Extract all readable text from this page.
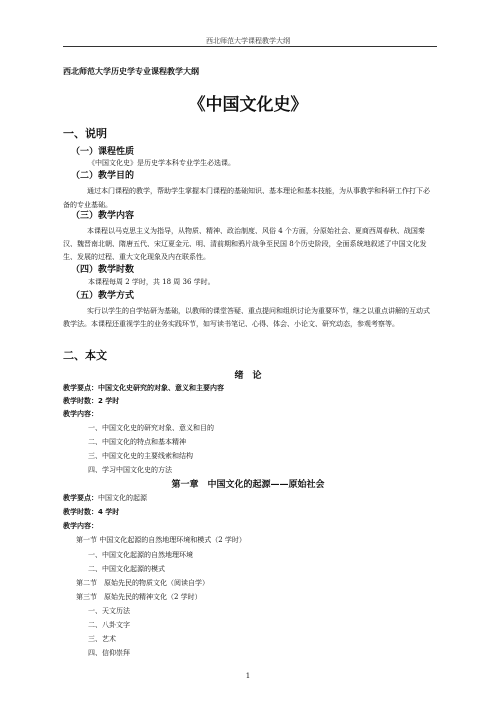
西北师范大学课程教学大纲
西北师范大学历史学专业课程教学大纲
《中国文化史》
一、说明
（一）课程性质
《中国文化史》是历史学本科专业学生必选课。
（二）教学目的
通过本门课程的教学，帮助学生掌握本门课程的基础知识、基本理论和基本技能，为从事教学和科研工作打下必备的专业基础。
（三）教学内容
本课程以马克思主义为指导，从物质、精神、政治制度、风俗 4 个方面，分原始社会、夏商西周春秋、战国秦汉、魏晋南北朝、隋唐五代、宋辽夏金元、明、清前期和鸦片战争至民国 8个历史阶段，全面系统地叙述了中国文化发生、发展的过程、重大文化现象及内在联系性。
（四）教学时数
本课程每周 2 学时，共 18 周 36 学时。
（五）教学方式
实行以学生的自学钻研为基础，以教师的课堂答疑、重点提问和组织讨论为重要环节，继之以重点讲解的互动式教学法。本课程还重视学生的业务实践环节，如写读书笔记、心得、体会、小论文、研究动态，参观考察等。
二、本文
绪　论
教学要点：中国文化史研究的对象、意义和主要内容
教学时数：2 学时
教学内容：
一、中国文化史的研究对象、意义和目的
二、中国文化的特点和基本精神
三、中国文化史的主要线索和结构
四、学习中国文化史的方法
第一章　中国文化的起源——原始社会
教学要点：中国文化的起源
教学时数：4 学时
教学内容：
第一节 中国文化起源的自然地理环境和模式（2 学时）
一、中国文化起源的自然地理环境
二、中国文化起源的模式
第二节　原始先民的物质文化（阅读自学）
第三节　原始先民的精神文化（2 学时）
一、天文历法
二、八卦文字
三、艺术
四、信仰崇拜
1
